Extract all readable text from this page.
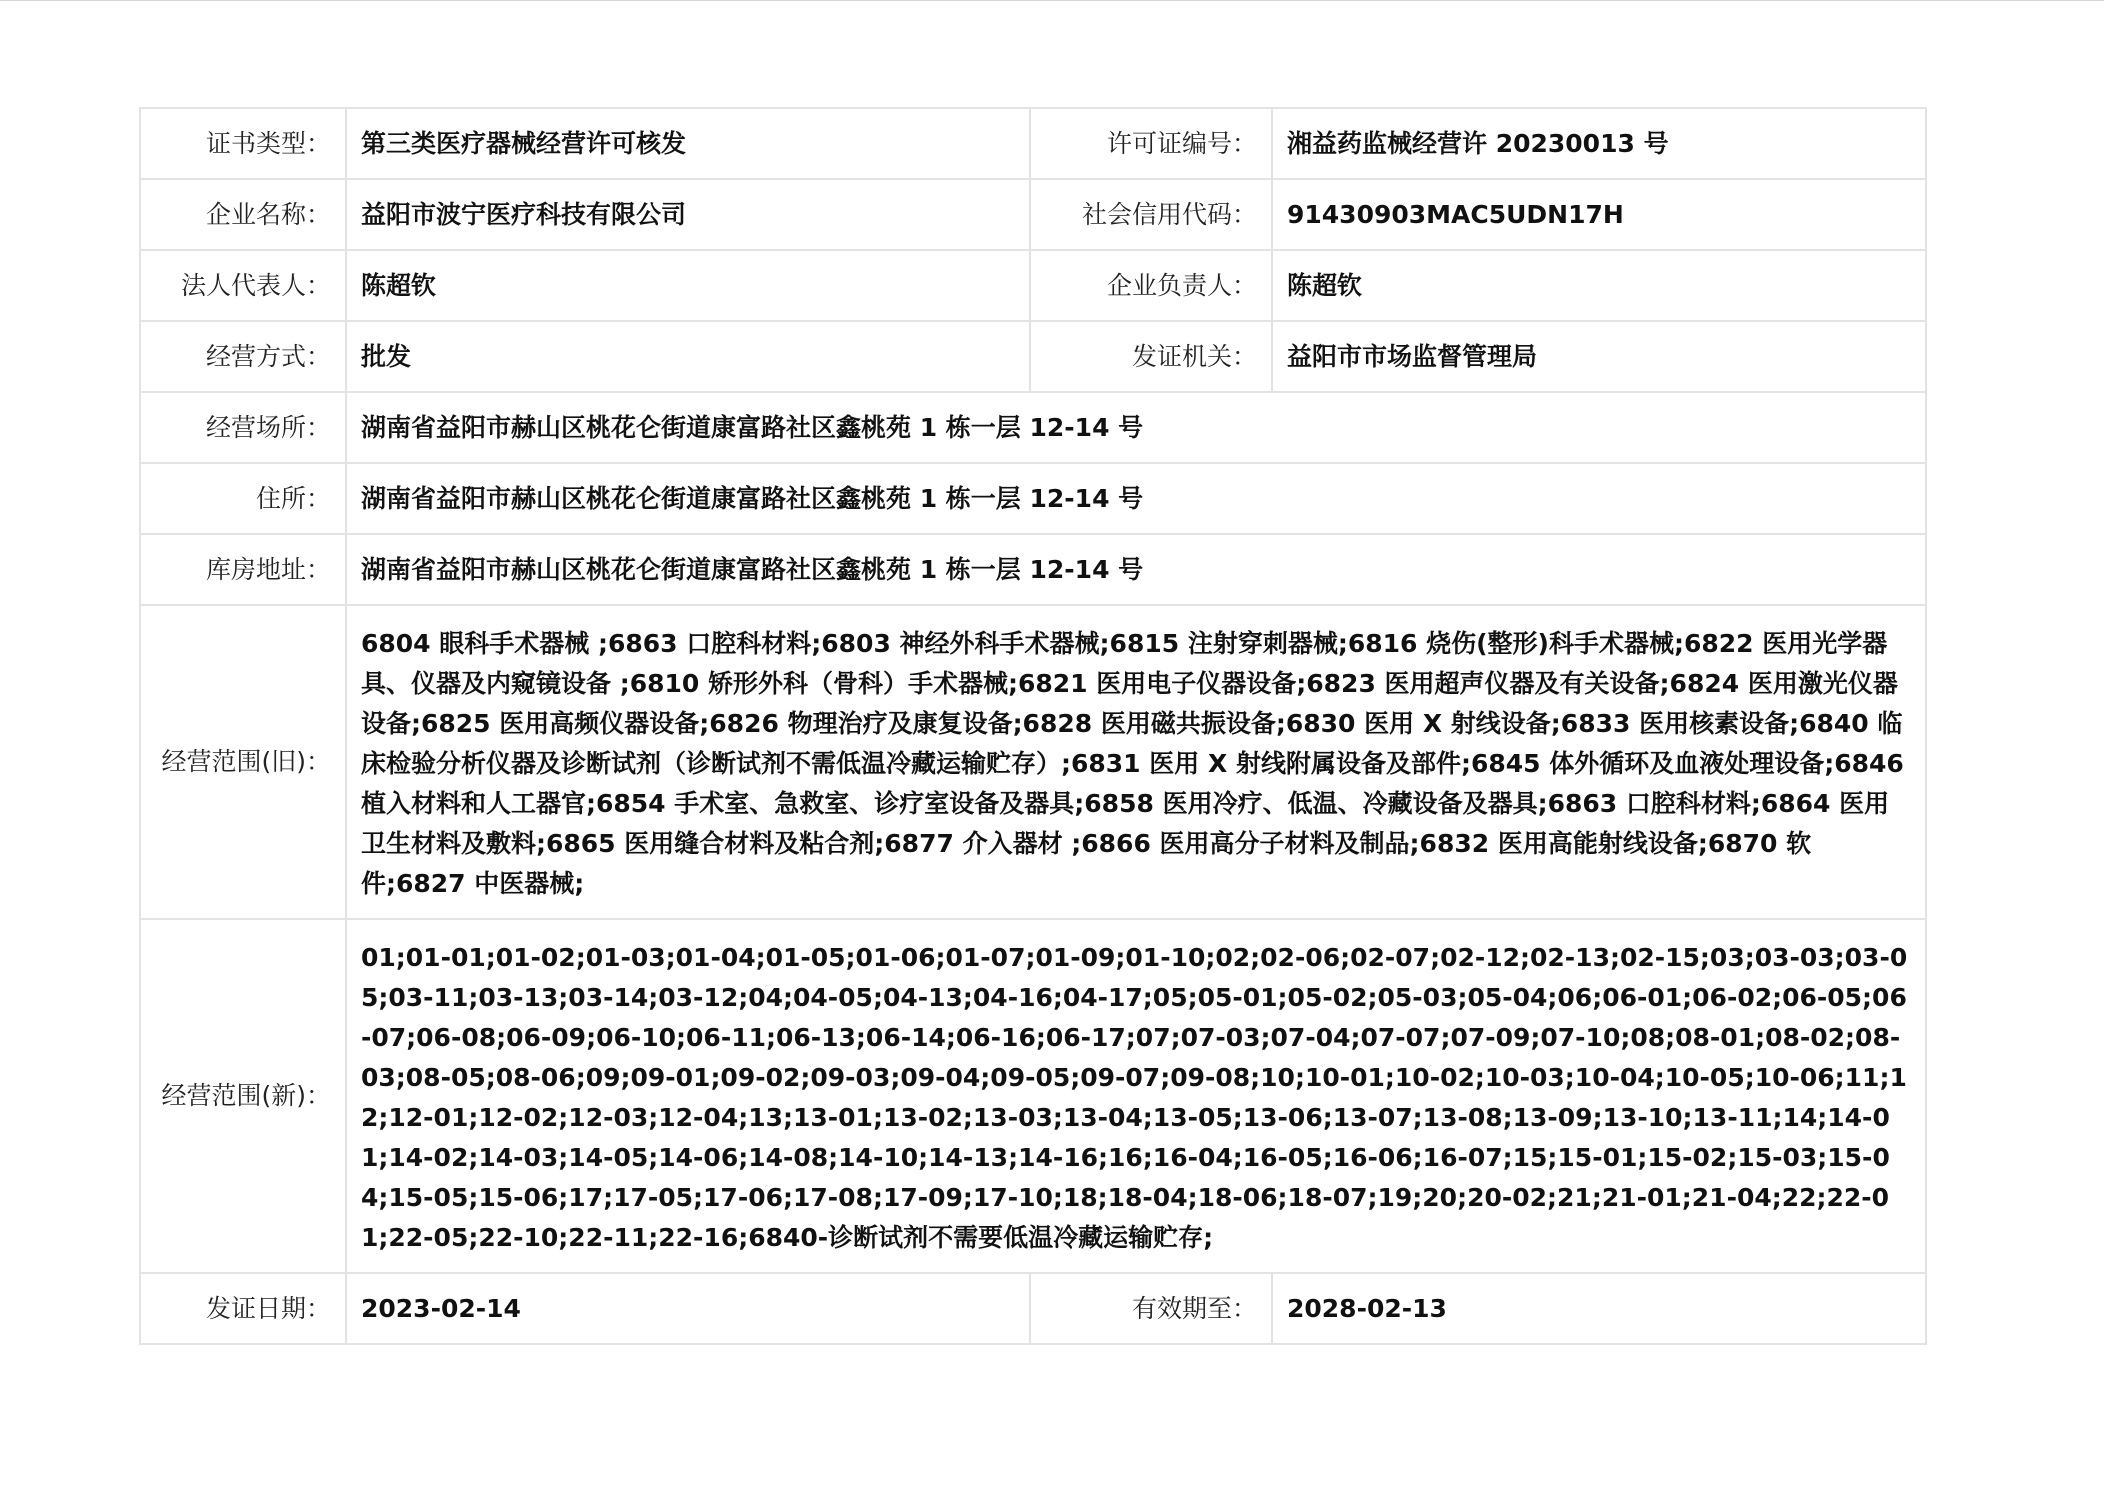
证书类型：	第三类医疗器械经营许可核发	许可证编号：	湘益药监械经营许 20230013 号
企业名称：	益阳市波宁医疗科技有限公司	社会信用代码：	91430903MAC5UDN17H
法人代表人：	陈超钦	企业负责人：	陈超钦
经营方式：	批发	发证机关：	益阳市市场监督管理局
经营场所：	湖南省益阳市赫山区桃花仑街道康富路社区鑫桃苑 1 栋一层 12-14 号		
住所：	湖南省益阳市赫山区桃花仑街道康富路社区鑫桃苑 1 栋一层 12-14 号		
库房地址：	湖南省益阳市赫山区桃花仑街道康富路社区鑫桃苑 1 栋一层 12-14 号		
经营范围(旧)：	6804 眼科手术器械 ;6863 口腔科材料;6803 神经外科手术器械;6815 注射穿刺器械;6816 烧伤(整形)科手术器械;6822 医用光学器具、仪器及内窥镜设备 ;6810 矫形外科（骨科）手术器械;6821 医用电子仪器设备;6823 医用超声仪器及有关设备;6824 医用激光仪器设备;6825 医用高频仪器设备;6826 物理治疗及康复设备;6828 医用磁共振设备;6830 医用 X 射线设备;6833 医用核素设备;6840 临床检验分析仪器及诊断试剂（诊断试剂不需低温冷藏运输贮存）;6831 医用 X 射线附属设备及部件;6845 体外循环及血液处理设备;6846 植入材料和人工器官;6854 手术室、急救室、诊疗室设备及器具;6858 医用冷疗、低温、冷藏设备及器具;6863 口腔科材料;6864 医用卫生材料及敷料;6865 医用缝合材料及粘合剂;6877 介入器材 ;6866 医用高分子材料及制品;6832 医用高能射线设备;6870 软件;6827 中医器械;		
经营范围(新)：	01;01-01;01-02;01-03;01-04;01-05;01-06;01-07;01-09;01-10;02;02-06;02-07;02-12;02-13;02-15;03;03-03;03-05;03-11;03-13;03-14;03-12;04;04-05;04-13;04-16;04-17;05;05-01;05-02;05-03;05-04;06;06-01;06-02;06-05;06-07;06-08;06-09;06-10;06-11;06-13;06-14;06-16;06-17;07;07-03;07-04;07-07;07-09;07-10;08;08-01;08-02;08-03;08-05;08-06;09;09-01;09-02;09-03;09-04;09-05;09-07;09-08;10;10-01;10-02;10-03;10-04;10-05;10-06;11;12;12-01;12-02;12-03;12-04;13;13-01;13-02;13-03;13-04;13-05;13-06;13-07;13-08;13-09;13-10;13-11;14;14-01;14-02;14-03;14-05;14-06;14-08;14-10;14-13;14-16;16;16-04;16-05;16-06;16-07;15;15-01;15-02;15-03;15-04;15-05;15-06;17;17-05;17-06;17-08;17-09;17-10;18;18-04;18-06;18-07;19;20;20-02;21;21-01;21-04;22;22-01;22-05;22-10;22-11;22-16;6840-诊断试剂不需要低温冷藏运输贮存;		
发证日期：	2023-02-14	有效期至：	2028-02-13
